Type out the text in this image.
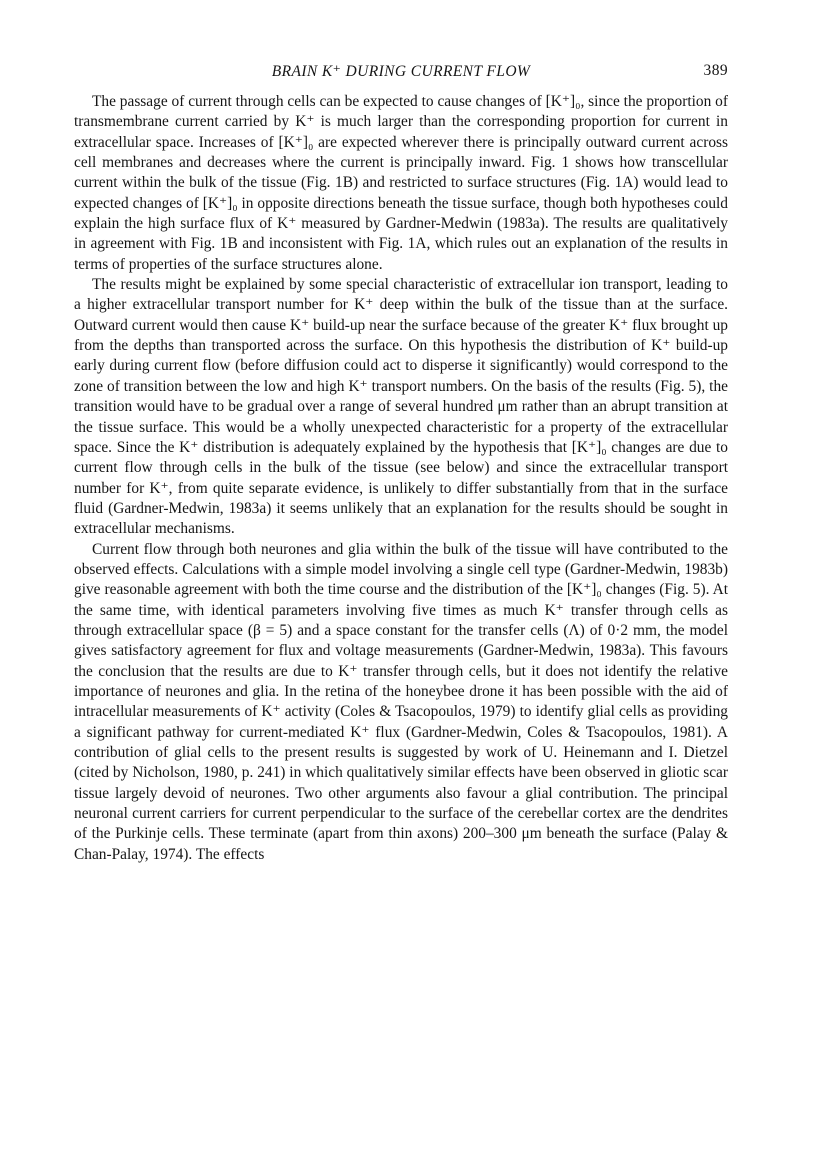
BRAIN K⁺ DURING CURRENT FLOW	389

The passage of current through cells can be expected to cause changes of [K⁺]₀, since the proportion of transmembrane current carried by K⁺ is much larger than the corresponding proportion for current in extracellular space. Increases of [K⁺]₀ are expected wherever there is principally outward current across cell membranes and decreases where the current is principally inward. Fig. 1 shows how transcellular current within the bulk of the tissue (Fig. 1B) and restricted to surface structures (Fig. 1A) would lead to expected changes of [K⁺]₀ in opposite directions beneath the tissue surface, though both hypotheses could explain the high surface flux of K⁺ measured by Gardner-Medwin (1983a). The results are qualitatively in agreement with Fig. 1B and inconsistent with Fig. 1A, which rules out an explanation of the results in terms of properties of the surface structures alone.

The results might be explained by some special characteristic of extracellular ion transport, leading to a higher extracellular transport number for K⁺ deep within the bulk of the tissue than at the surface. Outward current would then cause K⁺ build-up near the surface because of the greater K⁺ flux brought up from the depths than transported across the surface. On this hypothesis the distribution of K⁺ build-up early during current flow (before diffusion could act to disperse it significantly) would correspond to the zone of transition between the low and high K⁺ transport numbers. On the basis of the results (Fig. 5), the transition would have to be gradual over a range of several hundred μm rather than an abrupt transition at the tissue surface. This would be a wholly unexpected characteristic for a property of the extracellular space. Since the K⁺ distribution is adequately explained by the hypothesis that [K⁺]₀ changes are due to current flow through cells in the bulk of the tissue (see below) and since the extracellular transport number for K⁺, from quite separate evidence, is unlikely to differ substantially from that in the surface fluid (Gardner-Medwin, 1983a) it seems unlikely that an explanation for the results should be sought in extracellular mechanisms.

Current flow through both neurones and glia within the bulk of the tissue will have contributed to the observed effects. Calculations with a simple model involving a single cell type (Gardner-Medwin, 1983b) give reasonable agreement with both the time course and the distribution of the [K⁺]₀ changes (Fig. 5). At the same time, with identical parameters involving five times as much K⁺ transfer through cells as through extracellular space (β = 5) and a space constant for the transfer cells (Λ) of 0·2 mm, the model gives satisfactory agreement for flux and voltage measurements (Gardner-Medwin, 1983a). This favours the conclusion that the results are due to K⁺ transfer through cells, but it does not identify the relative importance of neurones and glia. In the retina of the honeybee drone it has been possible with the aid of intracellular measurements of K⁺ activity (Coles & Tsacopoulos, 1979) to identify glial cells as providing a significant pathway for current-mediated K⁺ flux (Gardner-Medwin, Coles & Tsacopoulos, 1981). A contribution of glial cells to the present results is suggested by work of U. Heinemann and I. Dietzel (cited by Nicholson, 1980, p. 241) in which qualitatively similar effects have been observed in gliotic scar tissue largely devoid of neurones. Two other arguments also favour a glial contribution. The principal neuronal current carriers for current perpendicular to the surface of the cerebellar cortex are the dendrites of the Purkinje cells. These terminate (apart from thin axons) 200–300 μm beneath the surface (Palay & Chan-Palay, 1974). The effects
